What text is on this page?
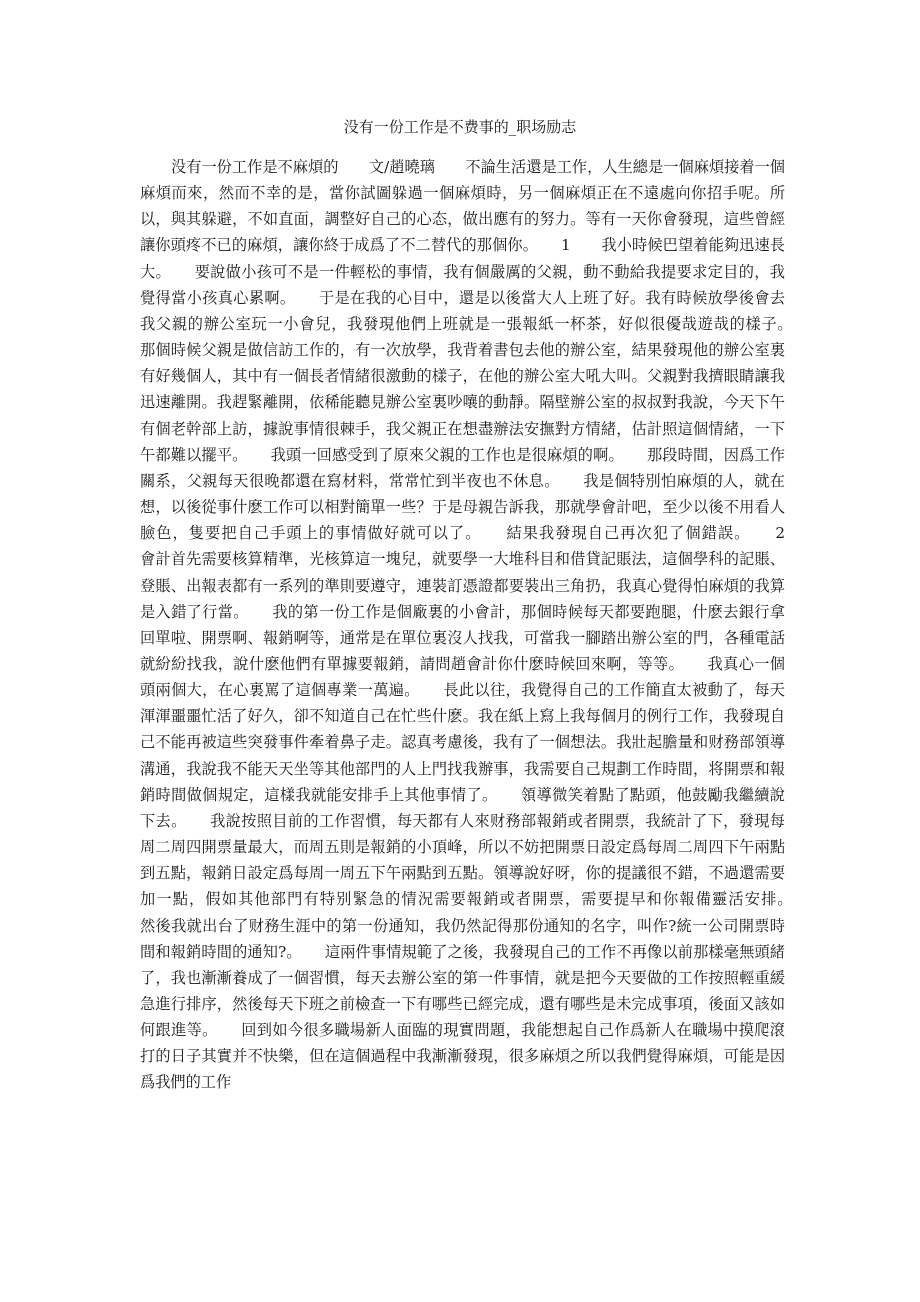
没有一份工作是不费事的_职场励志

没有一份工作是不麻煩的　　文/趙曉璃　　不論生活還是工作，人生總是一個麻煩接着一個麻煩而來，然而不幸的是，當你試圖躲過一個麻煩時，另一個麻煩正在不遠處向你招手呢。所以，與其躲避，不如直面，調整好自己的心态，做出應有的努力。等有一天你會發現，這些曾經讓你頭疼不已的麻煩，讓你終于成爲了不二替代的那個你。　　1　　我小時候巴望着能夠迅速長大。　　要說做小孩可不是一件輕松的事情，我有個嚴厲的父親，動不動給我提要求定目的，我覺得當小孩真心累啊。　　于是在我的心目中，還是以後當大人上班了好。我有時候放學後會去我父親的辦公室玩一小會兒，我發現他們上班就是一張報紙一杯茶，好似很優哉遊哉的樣子。　　那個時候父親是做信訪工作的，有一次放學，我背着書包去他的辦公室，結果發現他的辦公室裏有好幾個人，其中有一個長者情緒很激動的樣子，在他的辦公室大吼大叫。父親對我擠眼睛讓我迅速離開。我趕緊離開，依稀能聽見辦公室裏吵嚷的動靜。隔壁辦公室的叔叔對我說，今天下午有個老幹部上訪，據說事情很棘手，我父親正在想盡辦法安撫對方情緒，估計照這個情緒，一下午都難以擺平。　　我頭一回感受到了原來父親的工作也是很麻煩的啊。　　那段時間，因爲工作關系，父親每天很晚都還在寫材料，常常忙到半夜也不休息。　　我是個特別怕麻煩的人，就在想，以後從事什麽工作可以相對簡單一些？于是母親告訴我，那就學會計吧，至少以後不用看人臉色，隻要把自己手頭上的事情做好就可以了。　　結果我發現自己再次犯了個錯誤。　　2　　會計首先需要核算精準，光核算這一塊兒，就要學一大堆科目和借貸記賬法，這個學科的記賬、登賬、出報表都有一系列的準則要遵守，連裝訂憑證都要裝出三角扔，我真心覺得怕麻煩的我算是入錯了行當。　　我的第一份工作是個廠裏的小會計，那個時候每天都要跑腿，什麽去銀行拿回單啦、開票啊、報銷啊等，通常是在單位裏沒人找我，可當我一腳踏出辦公室的門，各種電話就紛紛找我，說什麽他們有單據要報銷，請問趙會計你什麽時候回來啊，等等。　　我真心一個頭兩個大，在心裏罵了這個專業一萬遍。　　長此以往，我覺得自己的工作簡直太被動了，每天渾渾噩噩忙活了好久，卻不知道自己在忙些什麽。我在紙上寫上我每個月的例行工作，我發現自己不能再被這些突發事件牽着鼻子走。認真考慮後，我有了一個想法。我壯起膽量和财務部領導溝通，我說我不能天天坐等其他部門的人上門找我辦事，我需要自己規劃工作時間，将開票和報銷時間做個規定，這樣我就能安排手上其他事情了。　　領導微笑着點了點頭，他鼓勵我繼續說下去。　　我說按照目前的工作習慣，每天都有人來财務部報銷或者開票，我統計了下，發現每周二周四開票量最大，而周五則是報銷的小頂峰，所以不妨把開票日設定爲每周二周四下午兩點到五點，報銷日設定爲每周一周五下午兩點到五點。領導說好呀，你的提議很不錯，不過還需要加一點，假如其他部門有特别緊急的情況需要報銷或者開票，需要提早和你報備靈活安排。　　然後我就出台了财務生涯中的第一份通知，我仍然記得那份通知的名字，叫作?統一公司開票時間和報銷時間的通知?。　　這兩件事情規範了之後，我發現自己的工作不再像以前那樣毫無頭緒了，我也漸漸養成了一個習慣，每天去辦公室的第一件事情，就是把今天要做的工作按照輕重緩急進行排序，然後每天下班之前檢查一下有哪些已經完成，還有哪些是未完成事項，後面又該如何跟進等。　　回到如今很多職場新人面臨的現實問題，我能想起自己作爲新人在職場中摸爬滾打的日子其實并不快樂，但在這個過程中我漸漸發現，很多麻煩之所以我們覺得麻煩，可能是因爲我們的工作
